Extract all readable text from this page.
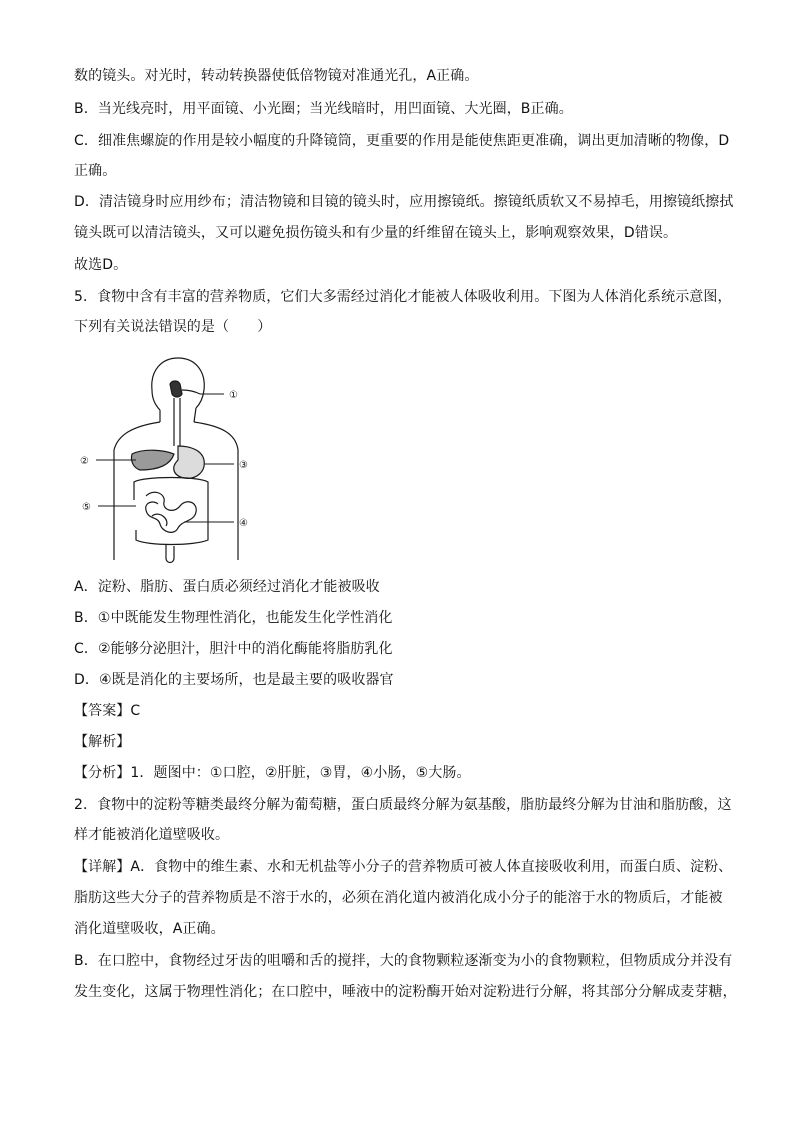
数的镜头。对光时，转动转换器使低倍物镜对准通光孔，A正确。
B．当光线亮时，用平面镜、小光圈；当光线暗时，用凹面镜、大光圈，B正确。
C．细准焦螺旋的作用是较小幅度的升降镜筒，更重要的作用是能使焦距更准确，调出更加清晰的物像，D
正确。
D．清洁镜身时应用纱布；清洁物镜和目镜的镜头时，应用擦镜纸。擦镜纸质软又不易掉毛，用擦镜纸擦拭
镜头既可以清洁镜头，又可以避免损伤镜头和有少量的纤维留在镜头上，影响观察效果，D错误。
故选D。
5．食物中含有丰富的营养物质，它们大多需经过消化才能被人体吸收利用。下图为人体消化系统示意图，
下列有关说法错误的是（　　）
①
②	③
④
⑤
A．淀粉、脂肪、蛋白质必须经过消化才能被吸收
B．①中既能发生物理性消化，也能发生化学性消化
C．②能够分泌胆汁，胆汁中的消化酶能将脂肪乳化
D．④既是消化的主要场所，也是最主要的吸收器官
【答案】C
【解析】
【分析】1．题图中：①口腔，②肝脏，③胃，④小肠，⑤大肠。
2．食物中的淀粉等糖类最终分解为葡萄糖，蛋白质最终分解为氨基酸，脂肪最终分解为甘油和脂肪酸，这
样才能被消化道壁吸收。
【详解】A．食物中的维生素、水和无机盐等小分子的营养物质可被人体直接吸收利用，而蛋白质、淀粉、
脂肪这些大分子的营养物质是不溶于水的，必须在消化道内被消化成小分子的能溶于水的物质后，才能被
消化道壁吸收，A正确。
B．在口腔中，食物经过牙齿的咀嚼和舌的搅拌，大的食物颗粒逐渐变为小的食物颗粒，但物质成分并没有
发生变化，这属于物理性消化；在口腔中，唾液中的淀粉酶开始对淀粉进行分解，将其部分分解成麦芽糖，
